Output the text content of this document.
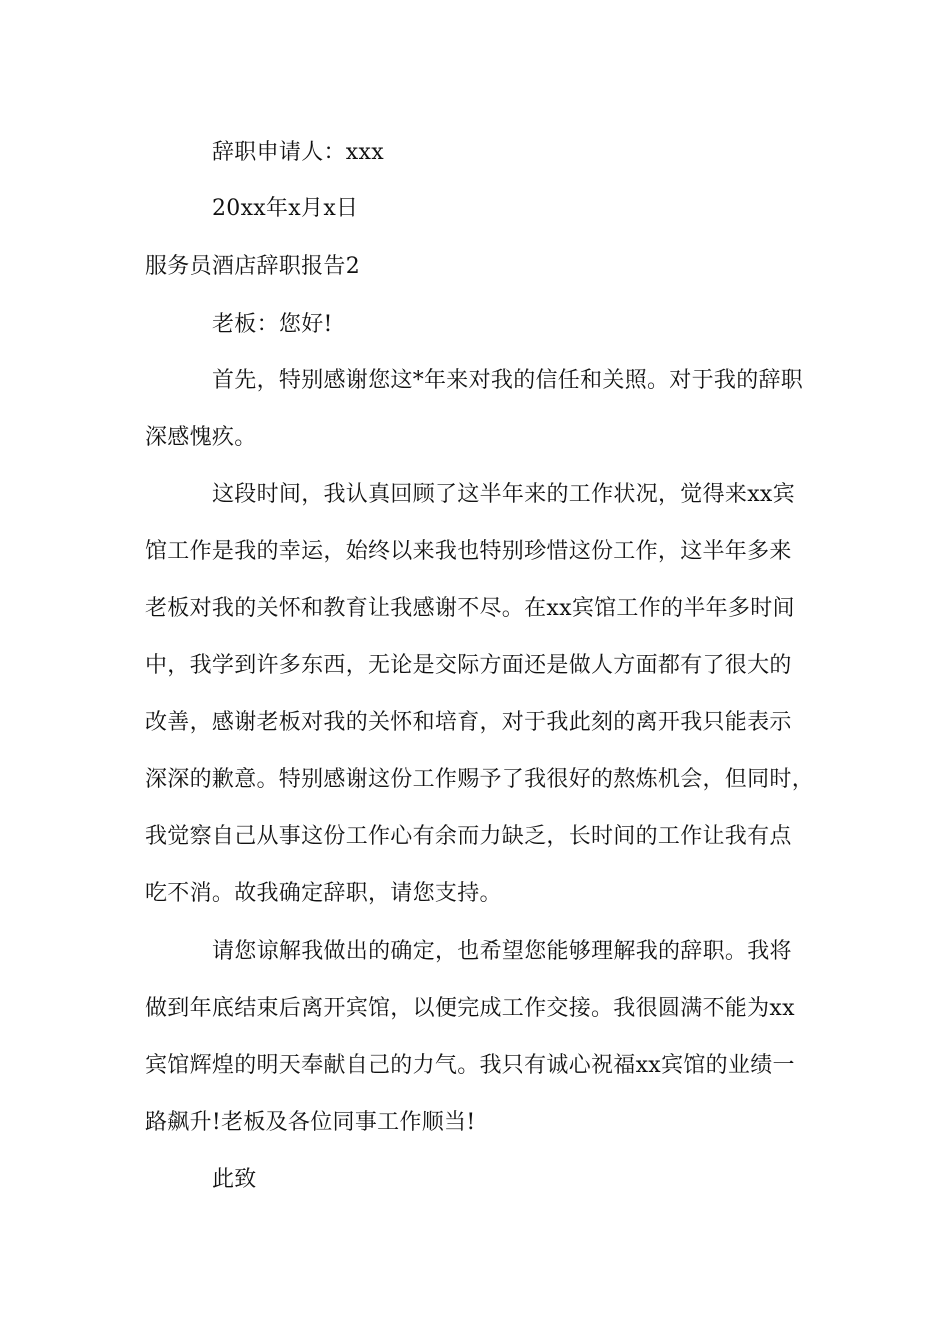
辞职申请人：xxx
20xx年x月x日
服务员酒店辞职报告2
老板：您好!
首先，特别感谢您这*年来对我的信任和关照。对于我的辞职
深感愧疚。
这段时间，我认真回顾了这半年来的工作状况，觉得来xx宾
馆工作是我的幸运，始终以来我也特别珍惜这份工作，这半年多来
老板对我的关怀和教育让我感谢不尽。在xx宾馆工作的半年多时间
中，我学到许多东西，无论是交际方面还是做人方面都有了很大的
改善，感谢老板对我的关怀和培育，对于我此刻的离开我只能表示
深深的歉意。特别感谢这份工作赐予了我很好的熬炼机会，但同时，
我觉察自己从事这份工作心有余而力缺乏，长时间的工作让我有点
吃不消。故我确定辞职，请您支持。
请您谅解我做出的确定，也希望您能够理解我的辞职。我将
做到年底结束后离开宾馆，以便完成工作交接。我很圆满不能为xx
宾馆辉煌的明天奉献自己的力气。我只有诚心祝福xx宾馆的业绩一
路飙升!老板及各位同事工作顺当!
此致
